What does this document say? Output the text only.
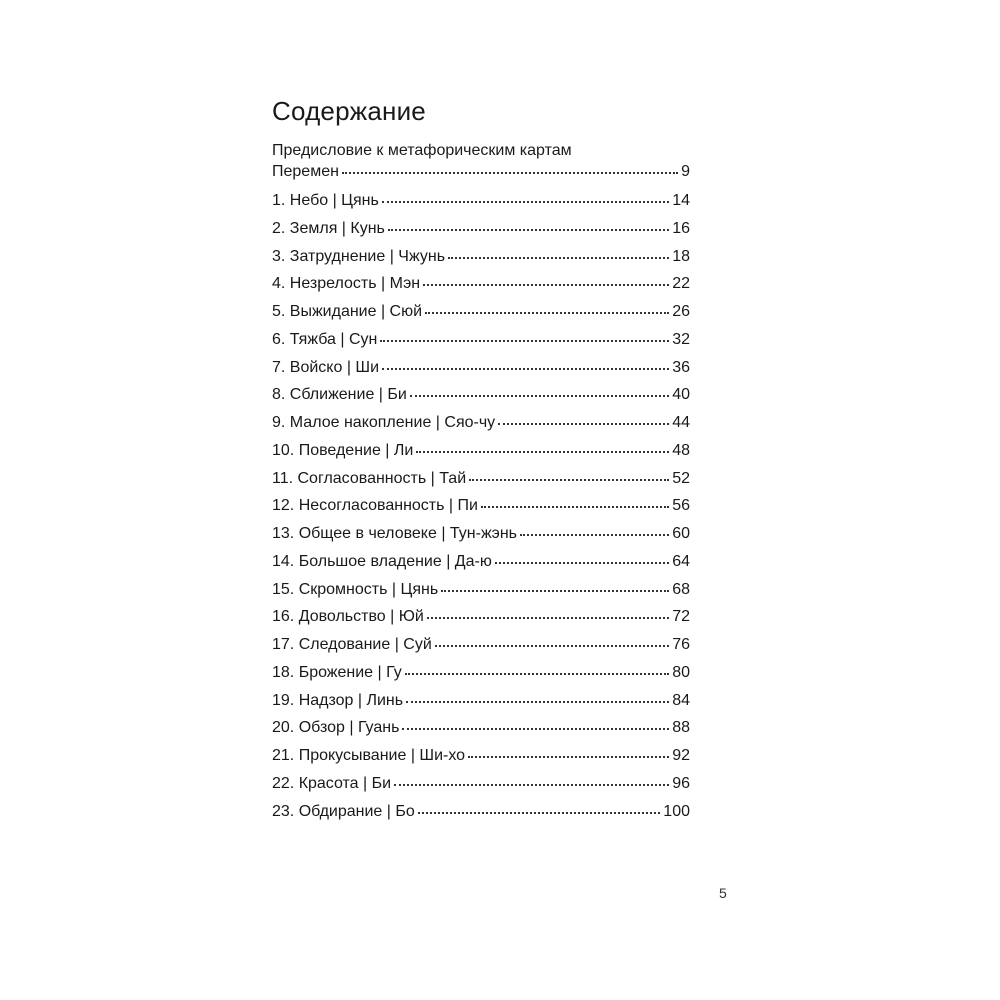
Содержание
Предисловие к метафорическим картам
Перемен	9
1. Небо | Цянь	14
2. Земля | Кунь	16
3. Затруднение | Чжунь	18
4. Незрелость | Мэн	22
5. Выжидание | Сюй	26
6. Тяжба | Сун	32
7. Войско | Ши	36
8. Сближение | Би	40
9. Малое накопление | Сяо-чу	44
10. Поведение | Ли	48
11. Согласованность | Тай	52
12. Несогласованность | Пи	56
13. Общее в человеке | Тун-жэнь	60
14. Большое владение | Да-ю	64
15. Скромность | Цянь	68
16. Довольство | Юй	72
17. Следование | Суй	76
18. Брожение | Гу	80
19. Надзор | Линь	84
20. Обзор | Гуань	88
21. Прокусывание | Ши-хо	92
22. Красота | Би	96
23. Обдирание | Бо	100
5
